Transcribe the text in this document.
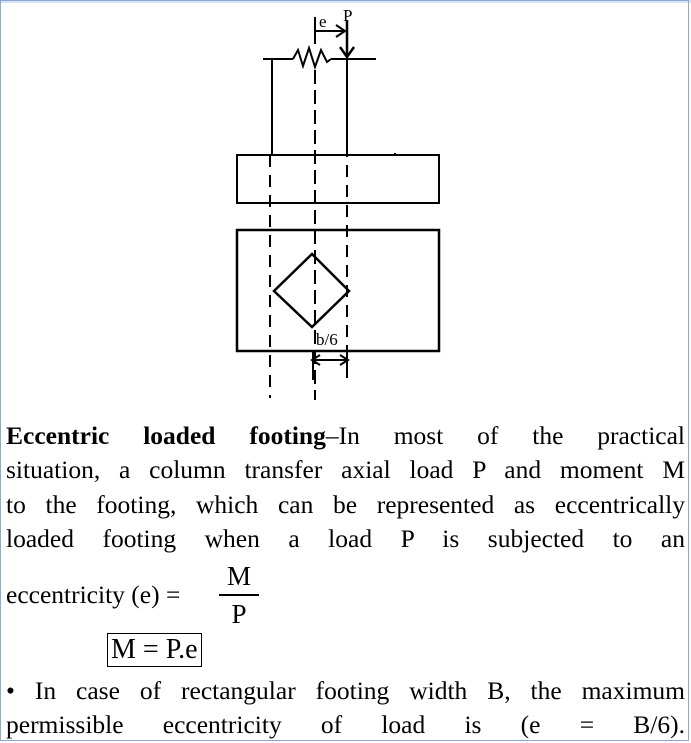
e P
b/6
Eccentric loaded footing–In most of the practical
situation, a column transfer axial load P and moment M
to the footing, which can be represented as eccentrically
loaded footing when a load P is subjected to an
eccentricity (e) =
M
P
M = P.e
• In case of rectangular footing width B, the maximum
permissible eccentricity of load is (e = B/6).
